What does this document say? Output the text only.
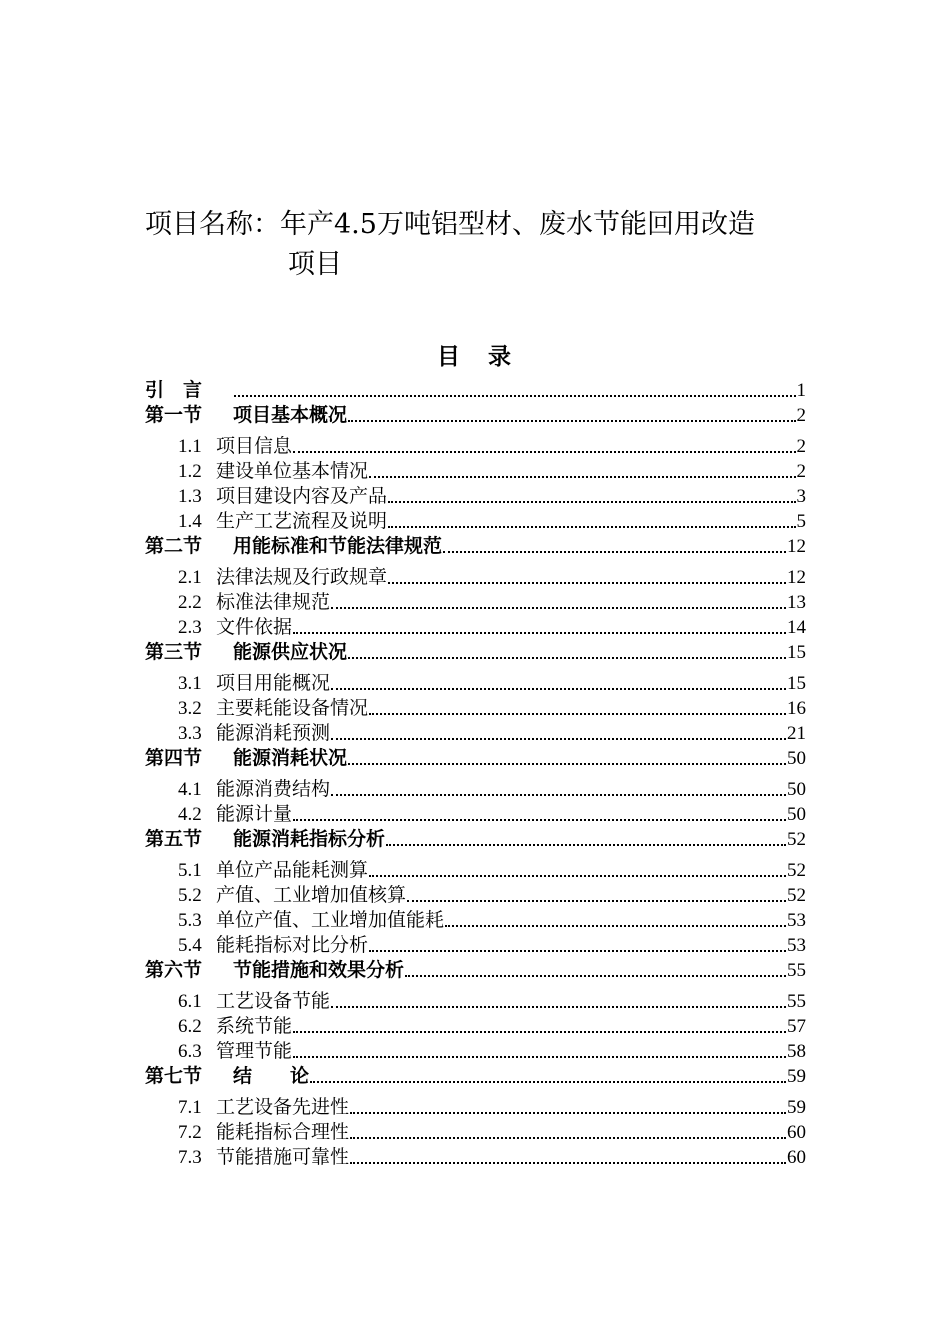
项目名称：年产4.5万吨铝型材、废水节能回用改造
项目
目 录
引　言	1
第一节	项目基本概况	2
1.1 项目信息	2
1.2 建设单位基本情况	2
1.3 项目建设内容及产品	3
1.4 生产工艺流程及说明	5
第二节	用能标准和节能法律规范	12
2.1 法律法规及行政规章	12
2.2 标准法律规范	13
2.3 文件依据	14
第三节	能源供应状况	15
3.1 项目用能概况	15
3.2 主要耗能设备情况	16
3.3 能源消耗预测	21
第四节	能源消耗状况	50
4.1 能源消费结构	50
4.2 能源计量	50
第五节	能源消耗指标分析	52
5.1 单位产品能耗测算	52
5.2 产值、工业增加值核算	52
5.3 单位产值、工业增加值能耗	53
5.4 能耗指标对比分析	53
第六节	节能措施和效果分析	55
6.1 工艺设备节能	55
6.2 系统节能	57
6.3 管理节能	58
第七节	结　　论	59
7.1 工艺设备先进性	59
7.2 能耗指标合理性	60
7.3 节能措施可靠性	60
